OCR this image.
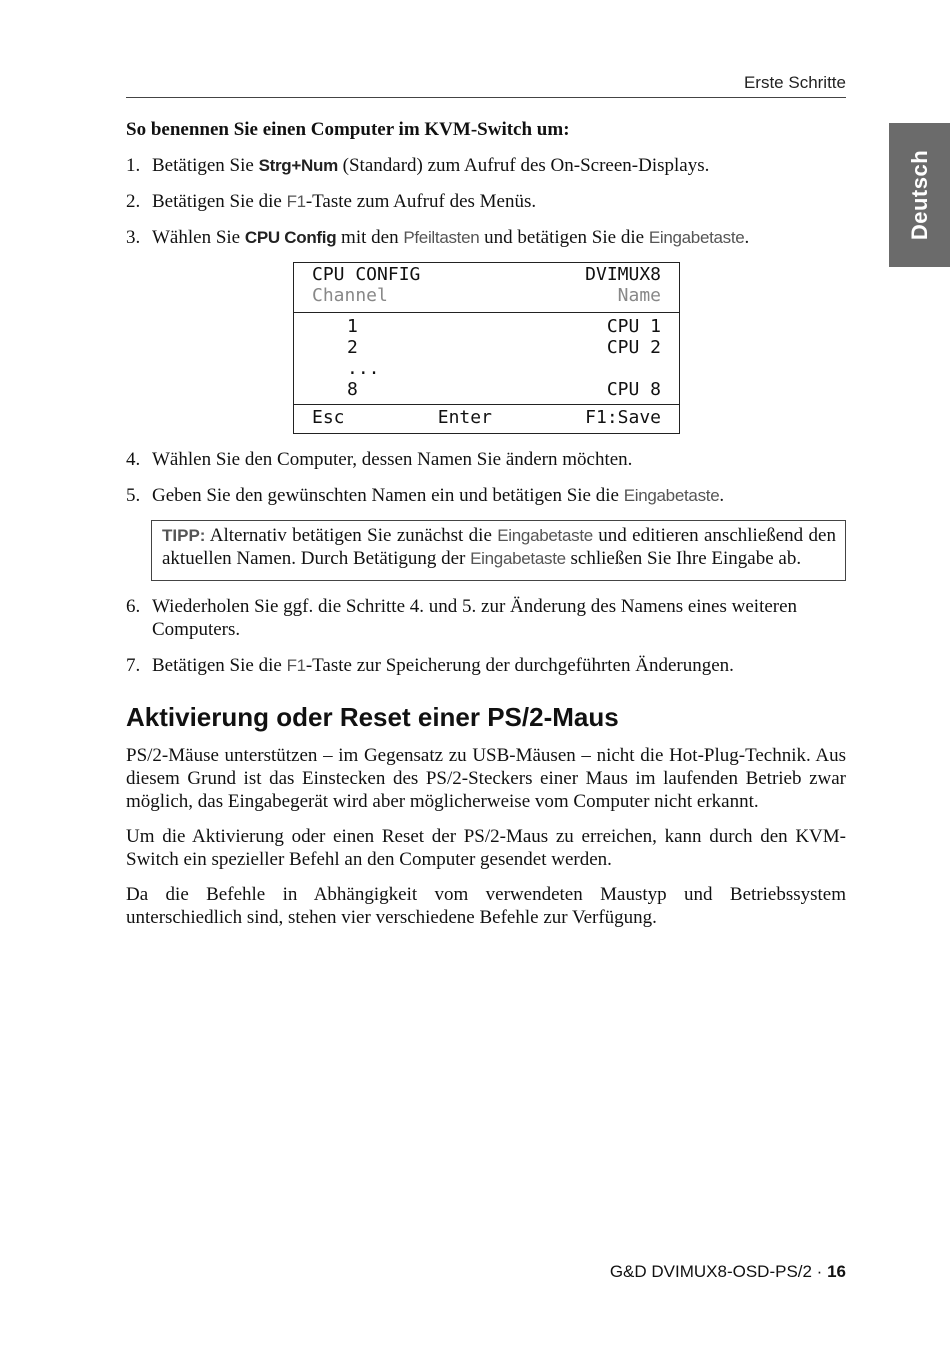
Erste Schritte
Deutsch
So benennen Sie einen Computer im KVM-Switch um:
1. Betätigen Sie Strg+Num (Standard) zum Aufruf des On-Screen-Displays.
2. Betätigen Sie die F1-Taste zum Aufruf des Menüs.
3. Wählen Sie CPU Config mit den Pfeiltasten und betätigen Sie die Eingabetaste.
CPU CONFIG	DVIMUX8
Channel	Name
1	CPU 1
2	CPU 2
...
8	CPU 8
Esc	Enter	F1:Save
4. Wählen Sie den Computer, dessen Namen Sie ändern möchten.
5. Geben Sie den gewünschten Namen ein und betätigen Sie die Eingabetaste.
TIPP: Alternativ betätigen Sie zunächst die Eingabetaste und editieren anschließend den aktuellen Namen. Durch Betätigung der Eingabetaste schließen Sie Ihre Eingabe ab.
6. Wiederholen Sie ggf. die Schritte 4. und 5. zur Änderung des Namens eines weiteren Computers.
7. Betätigen Sie die F1-Taste zur Speicherung der durchgeführten Änderungen.
Aktivierung oder Reset einer PS/2-Maus

PS/2-Mäuse unterstützen – im Gegensatz zu USB-Mäusen – nicht die Hot-Plug-Technik. Aus diesem Grund ist das Einstecken des PS/2-Steckers einer Maus im laufenden Betrieb zwar möglich, das Eingabegerät wird aber möglicherweise vom Computer nicht erkannt.

Um die Aktivierung oder einen Reset der PS/2-Maus zu erreichen, kann durch den KVM-Switch ein spezieller Befehl an den Computer gesendet werden.

Da die Befehle in Abhängigkeit vom verwendeten Maustyp und Betriebssystem unterschiedlich sind, stehen vier verschiedene Befehle zur Verfügung.

G&D DVIMUX8-OSD-PS/2 · 16
